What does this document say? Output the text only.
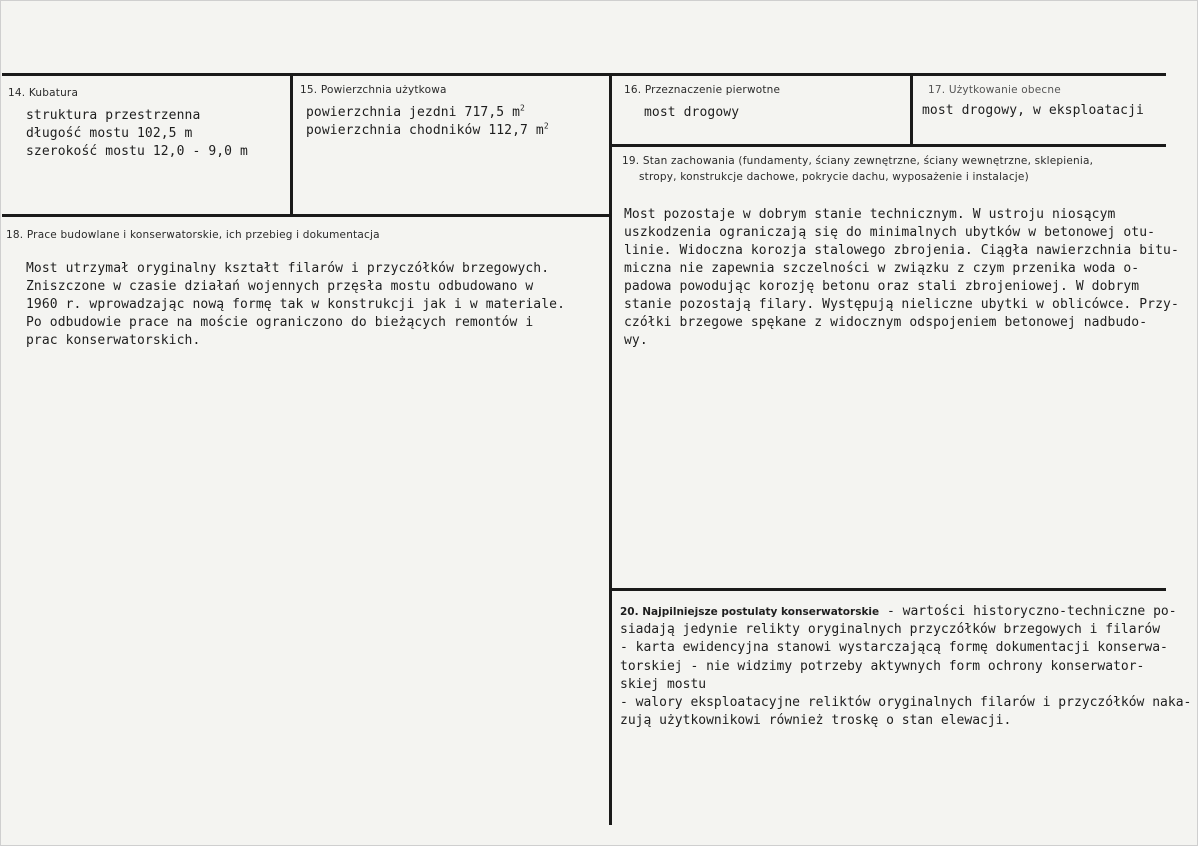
14. Kubatura
struktura przestrzenna
długość mostu 102,5 m
szerokość mostu 12,0 - 9,0 m
15. Powierzchnia użytkowa
powierzchnia jezdni 717,5 $m^2$
powierzchnia chodników 112,7 $m^2$
16. Przeznaczenie pierwotne
most drogowy
17. Użytkowanie obecne
most drogowy, w eksploatacji
19. Stan zachowania (fundamenty, ściany zewnętrzne, ściany wewnętrzne, sklepienia,
stropy, konstrukcje dachowe, pokrycie dachu, wyposażenie i instalacje)
Most pozostaje w dobrym stanie technicznym. W ustroju niosącym
uszkodzenia ograniczają się do minimalnych ubytków w betonowej otu-
linie. Widoczna korozja stalowego zbrojenia. Ciągła nawierzchnia bitu-
miczna nie zapewnia szczelności w związku z czym przenika woda o-
padowa powodując korozję betonu oraz stali zbrojeniowej. W dobrym
stanie pozostają filary. Występują nieliczne ubytki w oblicówce. Przy-
czółki brzegowe spękane z widocznym odspojeniem betonowej nadbudo-
wy.
18. Prace budowlane i konserwatorskie, ich przebieg i dokumentacja
Most utrzymał oryginalny kształt filarów i przyczółków brzegowych.
Zniszczone w czasie działań wojennych przęsła mostu odbudowano w
1960 r. wprowadzając nową formę tak w konstrukcji jak i w materiale.
Po odbudowie prace na moście ograniczono do bieżących remontów i
prac konserwatorskich.
20. Najpilniejsze postulaty konserwatorskie - wartości historyczno-techniczne po-
siadają jedynie relikty oryginalnych przyczółków brzegowych i filarów
- karta ewidencyjna stanowi wystarczającą formę dokumentacji konserwa-
torskiej - nie widzimy potrzeby aktywnych form ochrony konserwator-
skiej mostu
- walory eksploatacyjne reliktów oryginalnych filarów i przyczółków naka-
zują użytkownikowi również troskę o stan elewacji.
